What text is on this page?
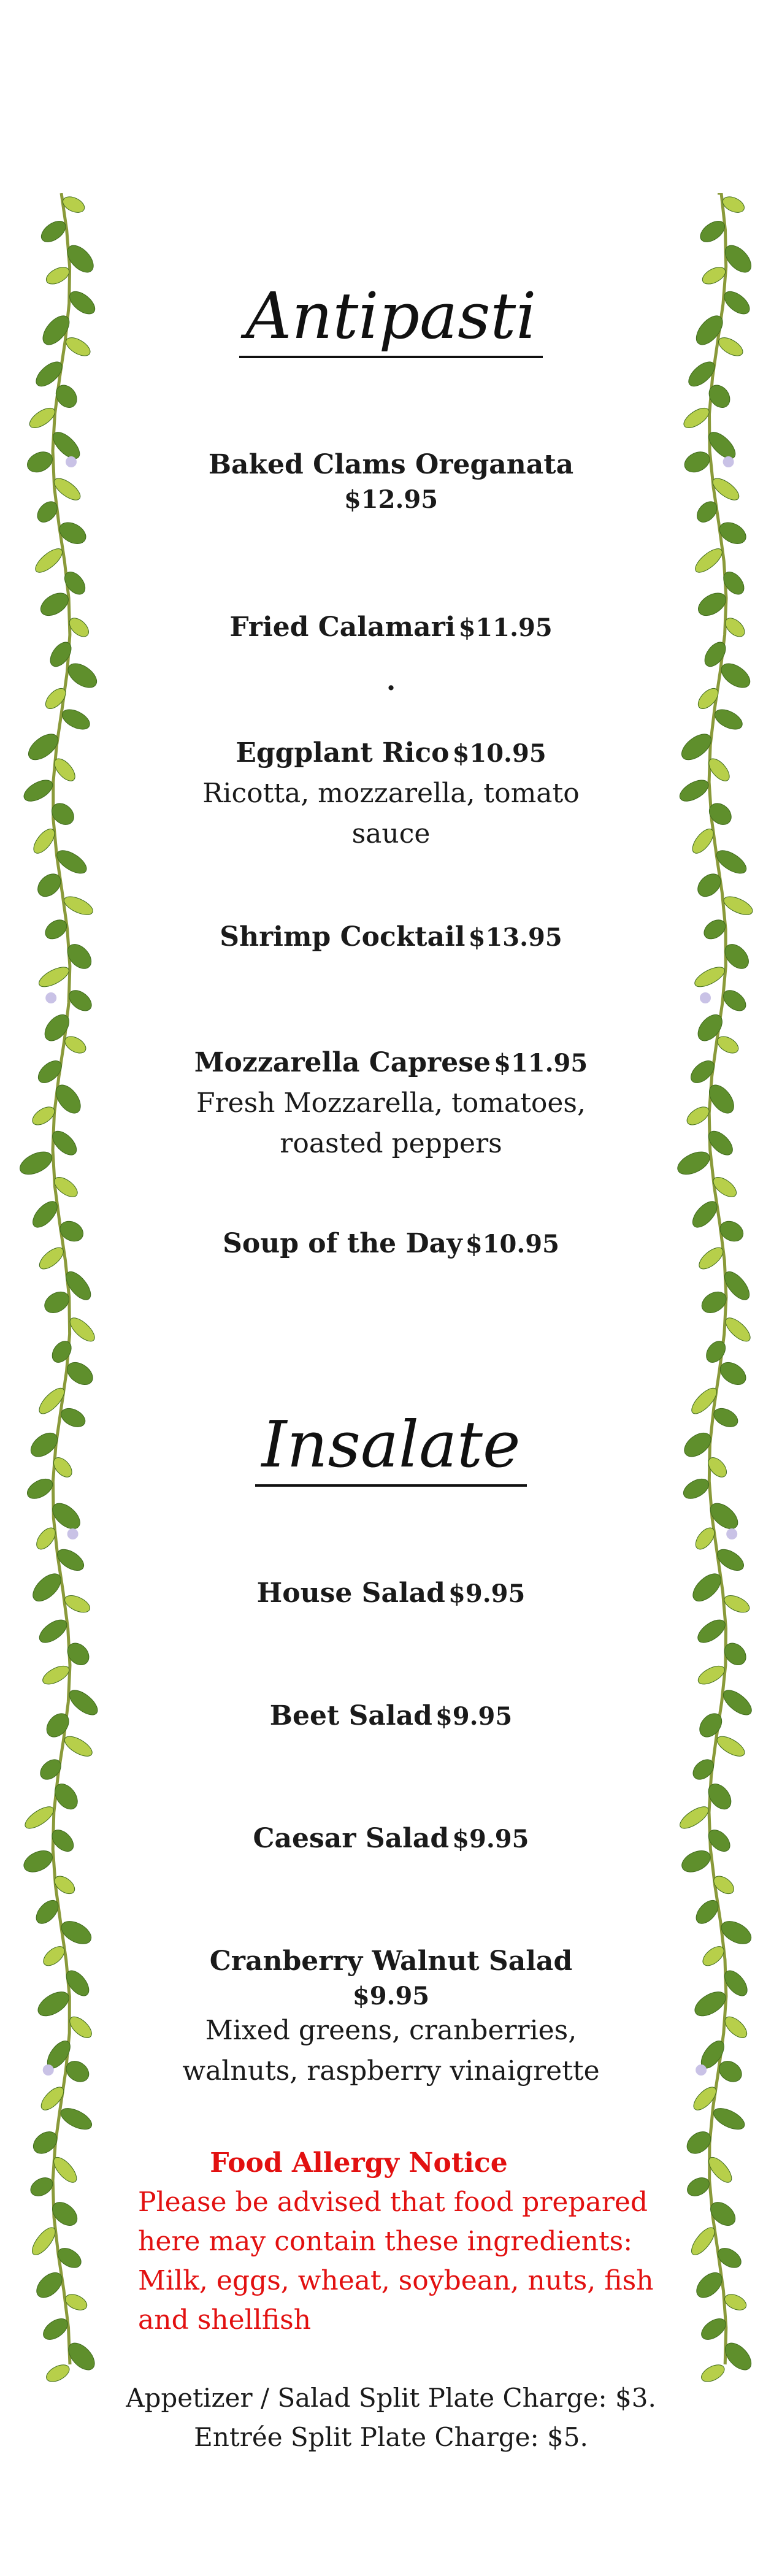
Antipasti
Baked Clams Oreganata
$12.95
Fried Calamari $11.95
.
Eggplant Rico $10.95
Ricotta, mozzarella, tomato sauce
Shrimp Cocktail $13.95
Mozzarella Caprese $11.95
Fresh Mozzarella, tomatoes, roasted peppers
Soup of the Day $10.95
Insalate
House Salad $9.95
Beet Salad $9.95
Caesar Salad $9.95
Cranberry Walnut Salad
$9.95
Mixed greens, cranberries, walnuts, raspberry vinaigrette
Food Allergy Notice
Please be advised that food prepared here may contain these ingredients: Milk, eggs, wheat, soybean, nuts, fish and shellfish
Appetizer / Salad Split Plate Charge: $3.
Entrée Split Plate Charge: $5.
